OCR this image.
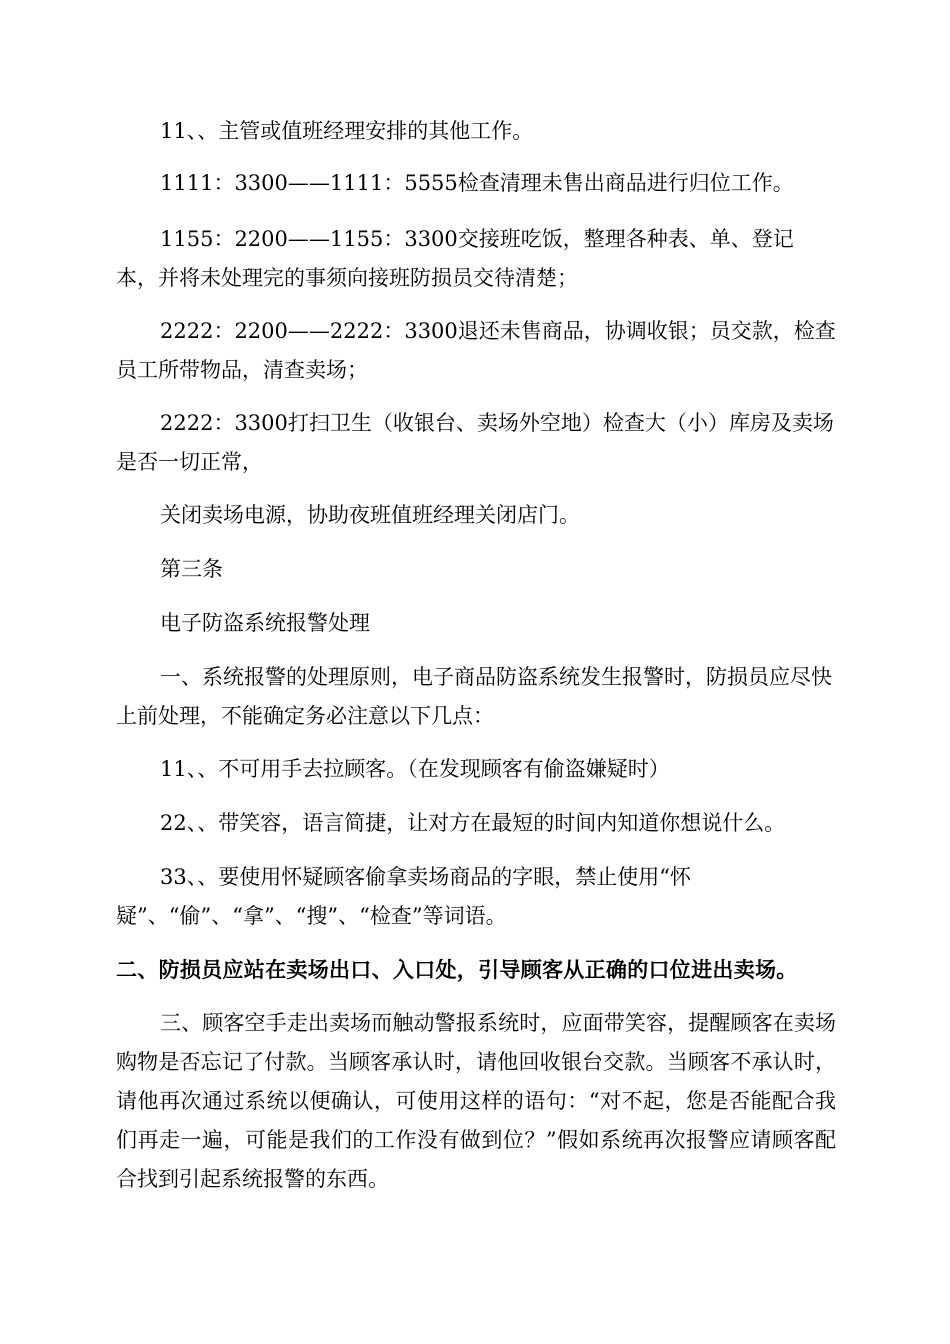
11、、主管或值班经理安排的其他工作。

1111：3300——1111：5555检查清理未售出商品进行归位工作。

1155：2200——1155：3300交接班吃饭，整理各种表、单、登记本，并将未处理完的事须向接班防损员交待清楚；

2222：2200——2222：3300退还未售商品，协调收银；员交款，检查员工所带物品，清查卖场；

2222：3300打扫卫生（收银台、卖场外空地）检查大（小）库房及卖场是否一切正常，

关闭卖场电源，协助夜班值班经理关闭店门。

第三条

电子防盗系统报警处理

一、系统报警的处理原则，电子商品防盗系统发生报警时，防损员应尽快上前处理，不能确定务必注意以下几点：

11、、不可用手去拉顾客。（在发现顾客有偷盗嫌疑时）

22、、带笑容，语言简捷，让对方在最短的时间内知道你想说什么。

33、、要使用怀疑顾客偷拿卖场商品的字眼，禁止使用“怀疑”、“偷”、“拿”、“搜”、“检查”等词语。

二、防损员应站在卖场出口、入口处，引导顾客从正确的口位进出卖场。

三、顾客空手走出卖场而触动警报系统时，应面带笑容，提醒顾客在卖场购物是否忘记了付款。当顾客承认时，请他回收银台交款。当顾客不承认时，请他再次通过系统以便确认，可使用这样的语句：“对不起，您是否能配合我们再走一遍，可能是我们的工作没有做到位？”假如系统再次报警应请顾客配合找到引起系统报警的东西。
